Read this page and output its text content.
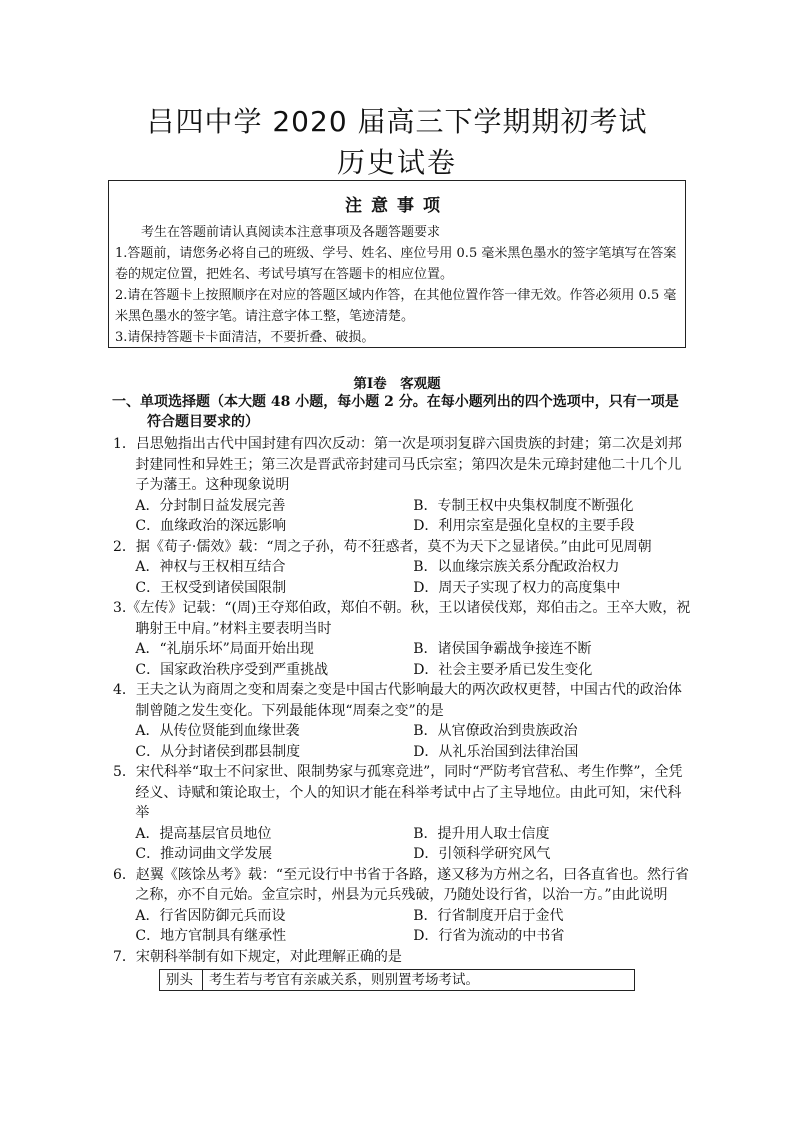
吕四中学 2020 届高三下学期期初考试
历史试卷
注意事项

考生在答题前请认真阅读本注意事项及各题答题要求

1.答题前，请您务必将自己的班级、学号、姓名、座位号用 0.5 毫米黑色墨水的签字笔填写在答案卷的规定位置，把姓名、考试号填写在答题卡的相应位置。

2.请在答题卡上按照顺序在对应的答题区域内作答，在其他位置作答一律无效。作答必须用 0.5 毫米黑色墨水的签字笔。请注意字体工整，笔迹清楚。

3.请保持答题卡卡面清洁，不要折叠、破损。

第Ⅰ卷　客观题
一、单项选择题（本大题 48 小题，每小题 2 分。在每小题列出的四个选项中，只有一项是符合题目要求的）
1．吕思勉指出古代中国封建有四次反动：第一次是项羽复辟六国贵族的封建；第二次是刘邦封建同性和异姓王；第三次是晋武帝封建司马氏宗室；第四次是朱元璋封建他二十几个儿子为藩王。这种现象说明
A．分封制日益发展完善	B．专制王权中央集权制度不断强化
C．血缘政治的深远影响	D．利用宗室是强化皇权的主要手段
2．据《荀子·儒效》载：“周之子孙，苟不狂惑者，莫不为天下之显诸侯。”由此可见周朝
A．神权与王权相互结合	B．以血缘宗族关系分配政治权力
C．王权受到诸侯国限制	D．周天子实现了权力的高度集中
3.《左传》记载：“(周)王夺郑伯政，郑伯不朝。秋，王以诸侯伐郑，郑伯击之。王卒大败，祝聃射王中肩。”材料主要表明当时
A．“礼崩乐坏”局面开始出现	B．诸侯国争霸战争接连不断
C．国家政治秩序受到严重挑战	D．社会主要矛盾已发生变化
4．王夫之认为商周之变和周秦之变是中国古代影响最大的两次政权更替，中国古代的政治体制曾随之发生变化。下列最能体现“周秦之变”的是
A．从传位贤能到血缘世袭	B．从官僚政治到贵族政治
C．从分封诸侯到郡县制度	D．从礼乐治国到法律治国
5．宋代科举“取士不问家世、限制势家与孤寒竞进”，同时“严防考官营私、考生作弊”，全凭经义、诗赋和策论取士，个人的知识才能在科举考试中占了主导地位。由此可知，宋代科举
A．提高基层官员地位	B．提升用人取士信度
C．推动词曲文学发展	D．引领科学研究风气
6．赵翼《陔馀丛考》载：“至元设行中书省于各路，遂又移为方州之名，曰各直省也。然行省之称，亦不自元始。金宣宗时，州县为元兵残破，乃随处设行省，以治一方。”由此说明
A．行省因防御元兵而设	B．行省制度开启于金代
C．地方官制具有继承性	D．行省为流动的中书省
7．宋朝科举制有如下规定，对此理解正确的是
别头	考生若与考官有亲戚关系，则别置考场考试。
